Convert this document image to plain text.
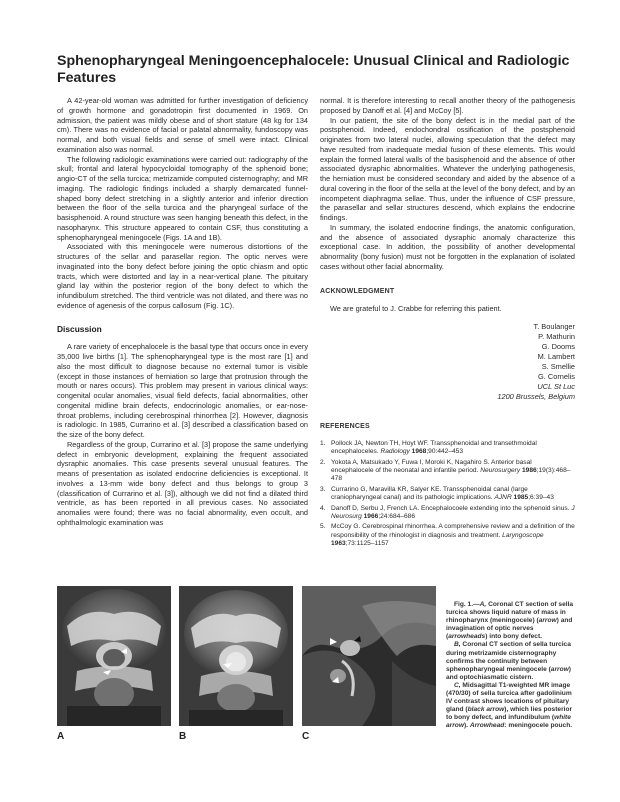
Sphenopharyngeal Meningoencephalocele: Unusual Clinical and Radiologic Features

A 42-year-old woman was admitted for further investigation of deficiency of growth hormone and gonadotropin first documented in 1969. On admission, the patient was mildly obese and of short stature (48 kg for 134 cm). There was no evidence of facial or palatal abnormality, fundoscopy was normal, and both visual fields and sense of smell were intact. Clinical examination also was normal.

The following radiologic examinations were carried out: radiography of the skull; frontal and lateral hypocycloidal tomography of the sphenoid bone; angio-CT of the sella turcica; metrizamide computed cisternography; and MR imaging. The radiologic findings included a sharply demarcated funnel-shaped bony defect stretching in a slightly anterior and inferior direction between the floor of the sella turcica and the pharyngeal surface of the basisphenoid. A round structure was seen hanging beneath this defect, in the nasopharynx. This structure appeared to contain CSF, thus constituting a sphenopharyngeal meningocele (Figs. 1A and 1B).

Associated with this meningocele were numerous distortions of the structures of the sellar and parasellar region. The optic nerves were invaginated into the bony defect before joining the optic chiasm and optic tracts, which were distorted and lay in a near-vertical plane. The pituitary gland lay within the posterior region of the bony defect to which the infundibulum stretched. The third ventricle was not dilated, and there was no evidence of agenesis of the corpus callosum (Fig. 1C).

Discussion

A rare variety of encephalocele is the basal type that occurs once in every 35,000 live births [1]. The sphenopharyngeal type is the most rare [1] and also the most difficult to diagnose because no external tumor is visible (except in those instances of herniation so large that protrusion through the mouth or nares occurs). This problem may present in various clinical ways: congenital ocular anomalies, visual field defects, facial abnormalities, other congenital midline brain defects, endocrinologic anomalies, or ear-nose-throat problems, including cerebrospinal rhinorrhea [2]. However, diagnosis is radiologic. In 1985, Currarino et al. [3] described a classification based on the size of the bony defect.

Regardless of the group, Currarino et al. [3] propose the same underlying defect in embryonic development, explaining the frequent associated dysraphic anomalies. This case presents several unusual features. The means of presentation as isolated endocrine deficiencies is exceptional. It involves a 13-mm wide bony defect and thus belongs to group 3 (classification of Currarino et al. [3]), although we did not find a dilated third ventricle, as has been reported in all previous cases. No associated anomalies were found; there was no facial abnormality, even occult, and ophthalmologic examination was

normal. It is therefore interesting to recall another theory of the pathogenesis proposed by Danoff et al. [4] and McCoy [5].

In our patient, the site of the bony defect is in the medial part of the postsphenoid. Indeed, endochondral ossification of the postsphenoid originates from two lateral nuclei, allowing speculation that the defect may have resulted from inadequate medial fusion of these elements. This would explain the formed lateral walls of the basisphenoid and the absence of other associated dysraphic abnormalities. Whatever the underlying pathogenesis, the herniation must be considered secondary and aided by the absence of a dural covering in the floor of the sella at the level of the bony defect, and by an incompetent diaphragma sellae. Thus, under the influence of CSF pressure, the parasellar and sellar structures descend, which explains the endocrine findings.

In summary, the isolated endocrine findings, the anatomic configuration, and the absence of associated dysraphic anomaly characterize this exceptional case. In addition, the possibility of another developmental abnormality (bony fusion) must not be forgotten in the explanation of isolated cases without other facial abnormality.

ACKNOWLEDGMENT

We are grateful to J. Crabbe for referring this patient.

T. Boulanger
P. Mathurin
G. Dooms
M. Lambert
S. Smellie
G. Cornelis
UCL St Luc
1200 Brussels, Belgium
REFERENCES
1. Pollock JA, Newton TH, Hoyt WF. Transsphenoidal and transethmoidal encephaloceles. Radiology 1968;90:442–453
2. Yokota A, Matsukado Y, Fuwa I, Moroki K, Nagahiro S. Anterior basal encephalocele of the neonatal and infantile period. Neurosurgery 1986;19(3):468–478
3. Currarino G, Maravilla KR, Salyer KE. Transsphenoidal canal (large craniopharyngeal canal) and its pathologic implications. AJNR 1985;6:39–43
4. Danoff D, Serbu J, French LA. Encephalocoele extending into the sphenoid sinus. J Neurosurg 1966;24:684–686
5. McCoy G. Cerebrospinal rhinorrhea. A comprehensive review and a definition of the responsibility of the rhinologist in diagnosis and treatment. Laryngoscope 1963;73:1125–1157
A	B	C

Fig. 1.—A, Coronal CT section of sella turcica shows liquid nature of mass in rhinopharynx (meningocele) (arrow) and invagination of optic nerves (arrowheads) into bony defect.

B, Coronal CT section of sella turcica during metrizamide cisternography confirms the continuity between sphenopharyngeal meningocele (arrow) and optochiasmatic cistern.

C, Midsagittal T1-weighted MR image (470/30) of sella turcica after gadolinium IV contrast shows locations of pituitary gland (black arrow), which lies posterior to bony defect, and infundibulum (white arrow). Arrowhead: meningocele pouch.
